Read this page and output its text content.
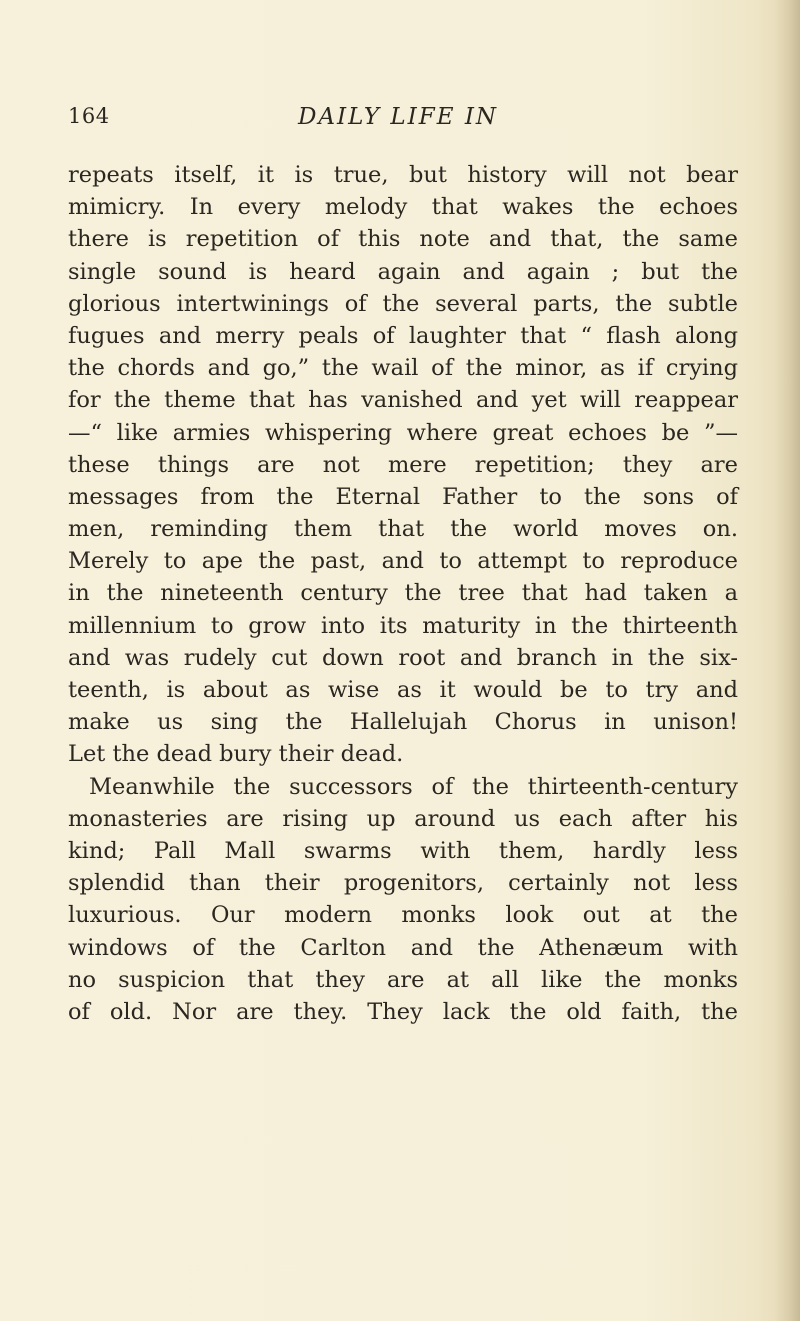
164	DAILY LIFE IN
repeats itself, it is true, but history will not bear
mimicry. In every melody that wakes the echoes
there is repetition of this note and that, the same
single sound is heard again and again ; but the
glorious intertwinings of the several parts, the subtle
fugues and merry peals of laughter that “ flash along
the chords and go,” the wail of the minor, as if crying
for the theme that has vanished and yet will reappear
—“ like armies whispering where great echoes be ”—
these things are not mere repetition; they are
messages from the Eternal Father to the sons of
men, reminding them that the world moves on.
Merely to ape the past, and to attempt to reproduce
in the nineteenth century the tree that had taken a
millennium to grow into its maturity in the thirteenth
and was rudely cut down root and branch in the six-
teenth, is about as wise as it would be to try and
make us sing the Hallelujah Chorus in unison!
Let the dead bury their dead.
Meanwhile the successors of the thirteenth-century
monasteries are rising up around us each after his
kind; Pall Mall swarms with them, hardly less
splendid than their progenitors, certainly not less
luxurious. Our modern monks look out at the
windows of the Carlton and the Athenæum with
no suspicion that they are at all like the monks
of old. Nor are they. They lack the old faith, the
